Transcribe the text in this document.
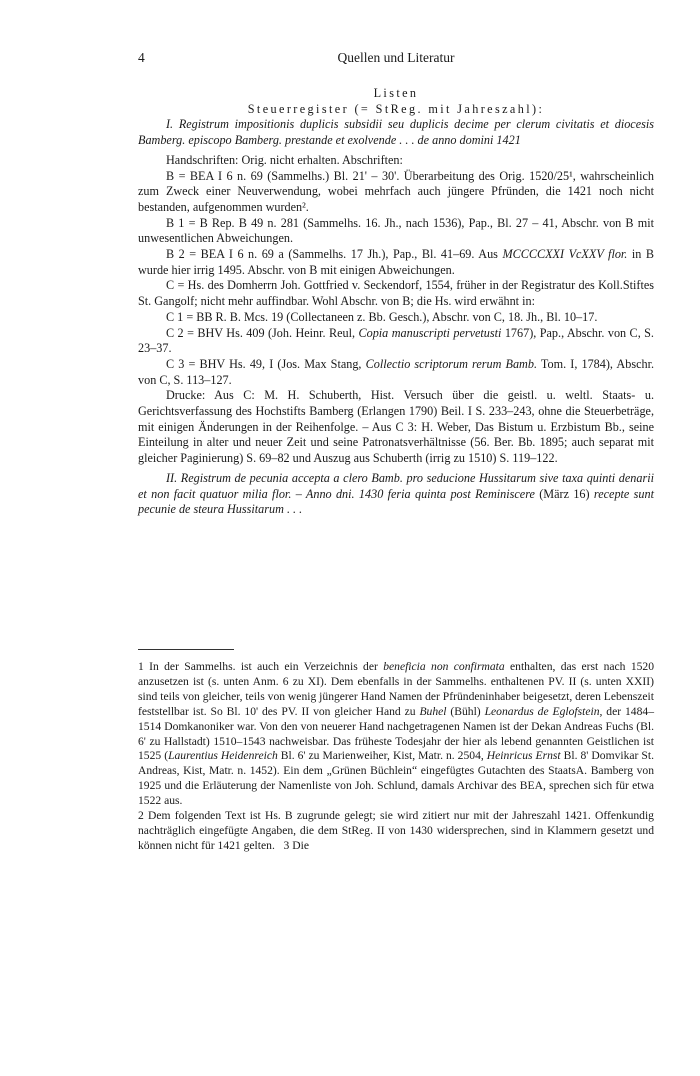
4	Quellen und Literatur

Listen

Steuerregister (= StReg. mit Jahreszahl):

I. Registrum impositionis duplicis subsidii seu duplicis decime per clerum civitatis et diocesis Bamberg. episcopo Bamberg. prestande et exolvende . . . de anno domini 1421

Handschriften: Orig. nicht erhalten. Abschriften:

B = BEA I 6 n. 69 (Sammelhs.) Bl. 21' – 30'. Überarbeitung des Orig. 1520/25¹, wahrscheinlich zum Zweck einer Neuverwendung, wobei mehrfach auch jüngere Pfründen, die 1421 noch nicht bestanden, aufgenommen wurden².

B 1 = B Rep. B 49 n. 281 (Sammelhs. 16. Jh., nach 1536), Pap., Bl. 27 – 41, Abschr. von B mit unwesentlichen Abweichungen.

B 2 = BEA I 6 n. 69 a (Sammelhs. 17 Jh.), Pap., Bl. 41–69. Aus MCCCCXXI VcXXV flor. in B wurde hier irrig 1495. Abschr. von B mit einigen Abweichungen.

C = Hs. des Domherrn Joh. Gottfried v. Seckendorf, 1554, früher in der Registratur des Koll.Stiftes St. Gangolf; nicht mehr auffindbar. Wohl Abschr. von B; die Hs. wird erwähnt in:

C 1 = BB R. B. Mcs. 19 (Collectaneen z. Bb. Gesch.), Abschr. von C, 18. Jh., Bl. 10–17.

C 2 = BHV Hs. 409 (Joh. Heinr. Reul, Copia manuscripti pervetusti 1767), Pap., Abschr. von C, S. 23–37.

C 3 = BHV Hs. 49, I (Jos. Max Stang, Collectio scriptorum rerum Bamb. Tom. I, 1784), Abschr. von C, S. 113–127.

Drucke: Aus C: M. H. Schuberth, Hist. Versuch über die geistl. u. weltl. Staats- u. Gerichtsverfassung des Hochstifts Bamberg (Erlangen 1790) Beil. I S. 233–243, ohne die Steuerbeträge, mit einigen Änderungen in der Reihenfolge. – Aus C 3: H. Weber, Das Bistum u. Erzbistum Bb., seine Einteilung in alter und neuer Zeit und seine Patronatsverhältnisse (56. Ber. Bb. 1895; auch separat mit gleicher Paginierung) S. 69–82 und Auszug aus Schuberth (irrig zu 1510) S. 119–122.

II. Registrum de pecunia accepta a clero Bamb. pro seducione Hussitarum sive taxa quinti denarii et non facit quatuor milia flor. – Anno dni. 1430 feria quinta post Reminiscere (März 16) recepte sunt pecunie de steura Hussitarum . . .

1 In der Sammelhs. ist auch ein Verzeichnis der beneficia non confirmata enthalten, das erst nach 1520 anzusetzen ist (s. unten Anm. 6 zu XI). Dem ebenfalls in der Sammelhs. enthaltenen PV. II (s. unten XXII) sind teils von gleicher, teils von wenig jüngerer Hand Namen der Pfründeninhaber beigesetzt, deren Lebenszeit feststellbar ist. So Bl. 10' des PV. II von gleicher Hand zu Buhel (Bühl) Leonardus de Eglofstein, der 1484–1514 Domkanoniker war. Von den von neuerer Hand nachgetragenen Namen ist der Dekan Andreas Fuchs (Bl. 6' zu Hallstadt) 1510–1543 nachweisbar. Das früheste Todesjahr der hier als lebend genannten Geistlichen ist 1525 (Laurentius Heidenreich Bl. 6' zu Marienweiher, Kist, Matr. n. 2504, Heinricus Ernst Bl. 8' Domvikar St. Andreas, Kist, Matr. n. 1452). Ein dem „Grünen Büchlein“ eingefügtes Gutachten des StaatsA. Bamberg von 1925 und die Erläuterung der Namenliste von Joh. Schlund, damals Archivar des BEA, sprechen sich für etwa 1522 aus.

2 Dem folgenden Text ist Hs. B zugrunde gelegt; sie wird zitiert nur mit der Jahreszahl 1421. Offenkundig nachträglich eingefügte Angaben, die dem StReg. II von 1430 widersprechen, sind in Klammern gesetzt und können nicht für 1421 gelten. 3 Die
